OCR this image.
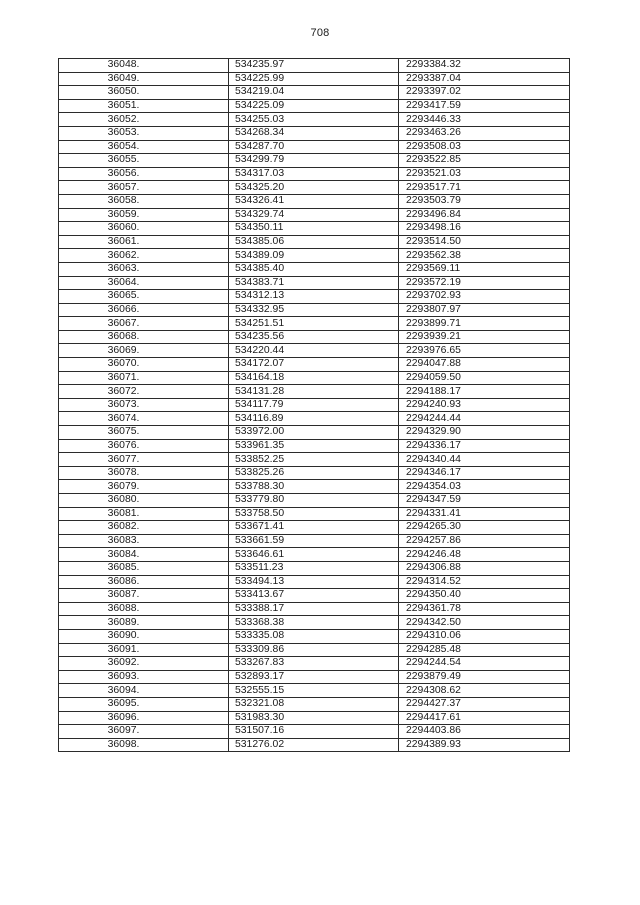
708
36048.	534235.97	2293384.32
36049.	534225.99	2293387.04
36050.	534219.04	2293397.02
36051.	534225.09	2293417.59
36052.	534255.03	2293446.33
36053.	534268.34	2293463.26
36054.	534287.70	2293508.03
36055.	534299.79	2293522.85
36056.	534317.03	2293521.03
36057.	534325.20	2293517.71
36058.	534326.41	2293503.79
36059.	534329.74	2293496.84
36060.	534350.11	2293498.16
36061.	534385.06	2293514.50
36062.	534389.09	2293562.38
36063.	534385.40	2293569.11
36064.	534383.71	2293572.19
36065.	534312.13	2293702.93
36066.	534332.95	2293807.97
36067.	534251.51	2293899.71
36068.	534235.56	2293939.21
36069.	534220.44	2293976.65
36070.	534172.07	2294047.88
36071.	534164.18	2294059.50
36072.	534131.28	2294188.17
36073.	534117.79	2294240.93
36074.	534116.89	2294244.44
36075.	533972.00	2294329.90
36076.	533961.35	2294336.17
36077.	533852.25	2294340.44
36078.	533825.26	2294346.17
36079.	533788.30	2294354.03
36080.	533779.80	2294347.59
36081.	533758.50	2294331.41
36082.	533671.41	2294265.30
36083.	533661.59	2294257.86
36084.	533646.61	2294246.48
36085.	533511.23	2294306.88
36086.	533494.13	2294314.52
36087.	533413.67	2294350.40
36088.	533388.17	2294361.78
36089.	533368.38	2294342.50
36090.	533335.08	2294310.06
36091.	533309.86	2294285.48
36092.	533267.83	2294244.54
36093.	532893.17	2293879.49
36094.	532555.15	2294308.62
36095.	532321.08	2294427.37
36096.	531983.30	2294417.61
36097.	531507.16	2294403.86
36098.	531276.02	2294389.93
